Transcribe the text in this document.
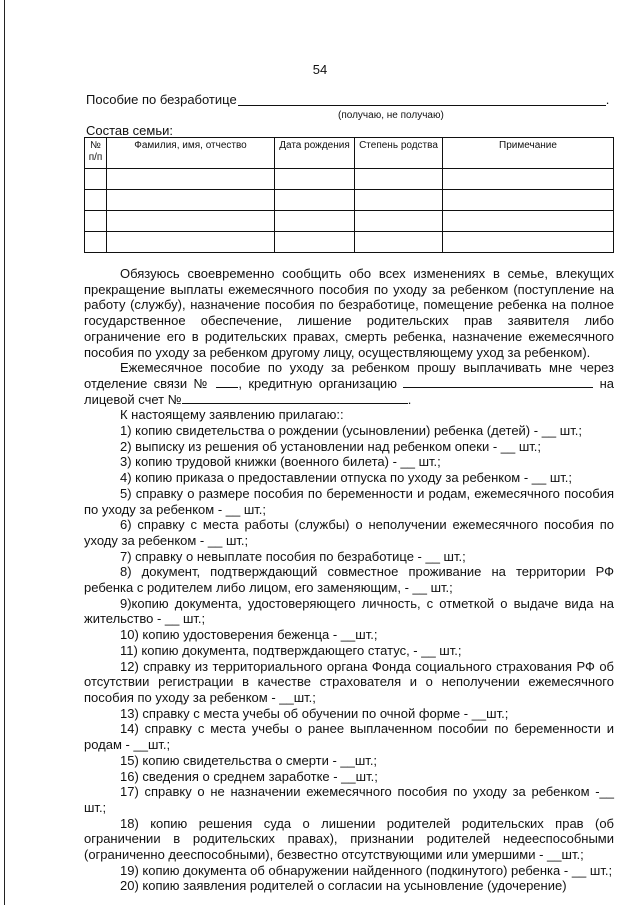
54
Пособие по безработице	.
(получаю, не получаю)
Состав семьи:
№ п/п	Фамилия, имя, отчество	Дата рождения	Степень родства	Примечание

Обязуюсь своевременно сообщить обо всех изменениях в семье, влекущих прекращение выплаты ежемесячного пособия по уходу за ребенком (поступление на работу (службу), назначение пособия по безработице, помещение ребенка на полное государственное обеспечение, лишение родительских прав заявителя либо ограничение его в родительских правах, смерть ребенка, назначение ежемесячного пособия по уходу за ребенком другому лицу, осуществляющему уход за ребенком).

Ежемесячное пособие по уходу за ребенком прошу выплачивать мне через отделение связи № , кредитную организацию	на лицевой счет №	.

К настоящему заявлению прилагаю::

1) копию свидетельства о рождении (усыновлении) ребенка (детей) - __ шт.;

2) выписку из решения об установлении над ребенком опеки - __ шт.;

3) копию трудовой книжки (военного билета) - __ шт.;

4) копию приказа о предоставлении отпуска по уходу за ребенком - __ шт.;

5) справку о размере пособия по беременности и родам, ежемесячного пособия по уходу за ребенком - __ шт.;

6) справку с места работы (службы) о неполучении ежемесячного пособия по уходу за ребенком - __ шт.;

7) справку о невыплате пособия по безработице - __ шт.;

8) документ, подтверждающий совместное проживание на территории РФ ребенка с родителем либо лицом, его заменяющим, - __ шт.;

9)копию документа, удостоверяющего личность, с отметкой о выдаче вида на жительство - __ шт.;

10) копию удостоверения беженца - __шт.;

11) копию документа, подтверждающего статус, - __ шт.;

12) справку из территориального органа Фонда социального страхования РФ об отсутствии регистрации в качестве страхователя и о неполучении ежемесячного пособия по уходу за ребенком - __шт.;

13) справку с места учебы об обучении по очной форме - __шт.;

14) справку с места учебы о ранее выплаченном пособии по беременности и родам - __шт.;

15) копию свидетельства о смерти - __шт.;

16) сведения о среднем заработке - __шт.;

17) справку о не назначении ежемесячного пособия по уходу за ребенком -__ шт.;

18) копию решения суда о лишении родителей родительских прав (об ограничении в родительских правах), признании родителей недееспособными (ограниченно дееспособными), безвестно отсутствующими или умершими - __шт.;

19) копию документа об обнаружении найденного (подкинутого) ребенка - __ шт.;

20) копию заявления родителей о согласии на усыновление (удочерение)
